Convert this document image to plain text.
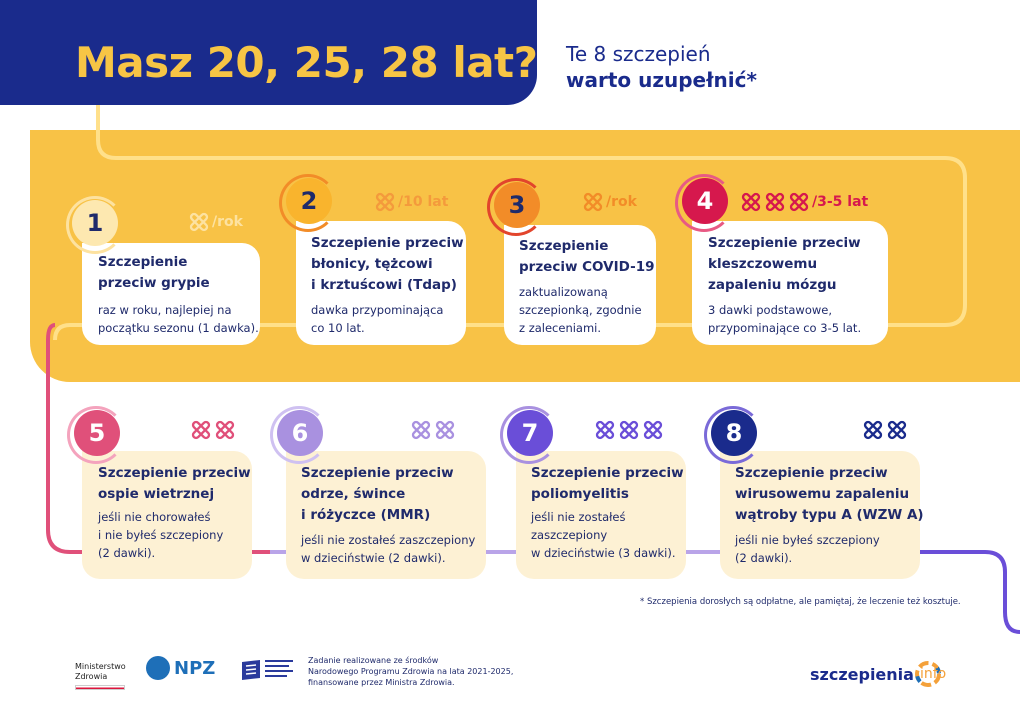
Masz 20, 25, 28 lat? Te 8 szczepień
warto uzupełnić*
1
2	3	4
5	6	7	8
Szczepienie
przeciw grypie
raz w roku, najlepiej na
początku sezonu (1 dawka).
Szczepienie przeciw
błonicy, tężcowi
i krztuścowi (Tdap)
dawka przypominająca
co 10 lat.
Szczepienie
przeciw COVID-19
zaktualizowaną
szczepionką, zgodnie
z zaleceniami.
Szczepienie przeciw
kleszczowemu
zapaleniu mózgu
3 dawki podstawowe,
przypominające co 3-5 lat.
Szczepienie przeciw
ospie wietrznej
jeśli nie chorowałeś
i nie byłeś szczepiony
(2 dawki).
Szczepienie przeciw
odrze, śwince
i różyczce (MMR)
jeśli nie zostałeś zaszczepiony
w dzieciństwie (2 dawki).
Szczepienie przeciw
poliomyelitis
jeśli nie zostałeś
zaszczepiony
w dzieciństwie (3 dawki).
Szczepienie przeciw
wirusowemu zapaleniu
wątroby typu A (WZW A)
jeśli nie byłeś szczepiony
(2 dawki).
/rok
/10 lat	/rok	/3-5 lat
* Szczepienia dorosłych są odpłatne, ale pamiętaj, że leczenie też kosztuje.
Ministerstwo
Zdrowia	NPZ	Zadanie realizowane ze środków
Narodowego Programu Zdrowia na lata 2021-2025,
finansowane przez Ministra Zdrowia.	szczepienia info
